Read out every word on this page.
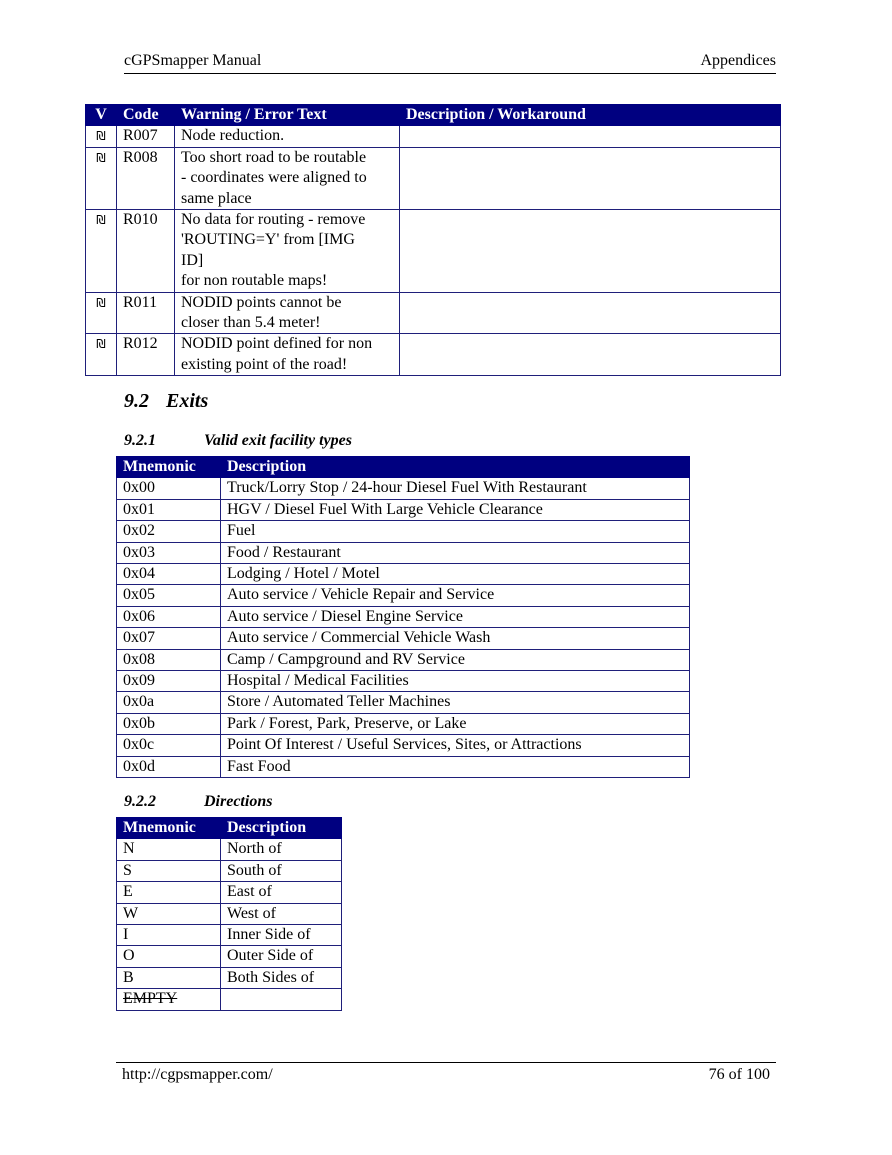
cGPSmapper Manual	Appendices
V	Code	Warning / Error Text	Description / Workaround
₪	R007	Node reduction.	

₪	R008	Too short road to be routable
- coordinates were aligned to
same place	

₪	R010	No data for routing - remove
'ROUTING=Y' from [IMG
ID]
for non routable maps!	

₪	R011	NODID points cannot be
closer than 5.4 meter!	

₪	R012	NODID point defined for non
existing point of the road!	

9.2 Exits
9.2.1	Valid exit facility types
Mnemonic	Description
0x00	Truck/Lorry Stop / 24-hour Diesel Fuel With Restaurant
0x01	HGV / Diesel Fuel With Large Vehicle Clearance
0x02	Fuel
0x03	Food / Restaurant
0x04	Lodging / Hotel / Motel
0x05	Auto service / Vehicle Repair and Service
0x06	Auto service / Diesel Engine Service
0x07	Auto service / Commercial Vehicle Wash
0x08	Camp / Campground and RV Service
0x09	Hospital / Medical Facilities
0x0a	Store / Automated Teller Machines
0x0b	Park / Forest, Park, Preserve, or Lake
0x0c	Point Of Interest / Useful Services, Sites, or Attractions
0x0d	Fast Food
9.2.2	Directions
Mnemonic	Description
N	North of
S	South of
E	East of
W	West of
I	Inner Side of
O	Outer Side of
B	Both Sides of
EMPTY	
http://cgpsmapper.com/	76 of 100
